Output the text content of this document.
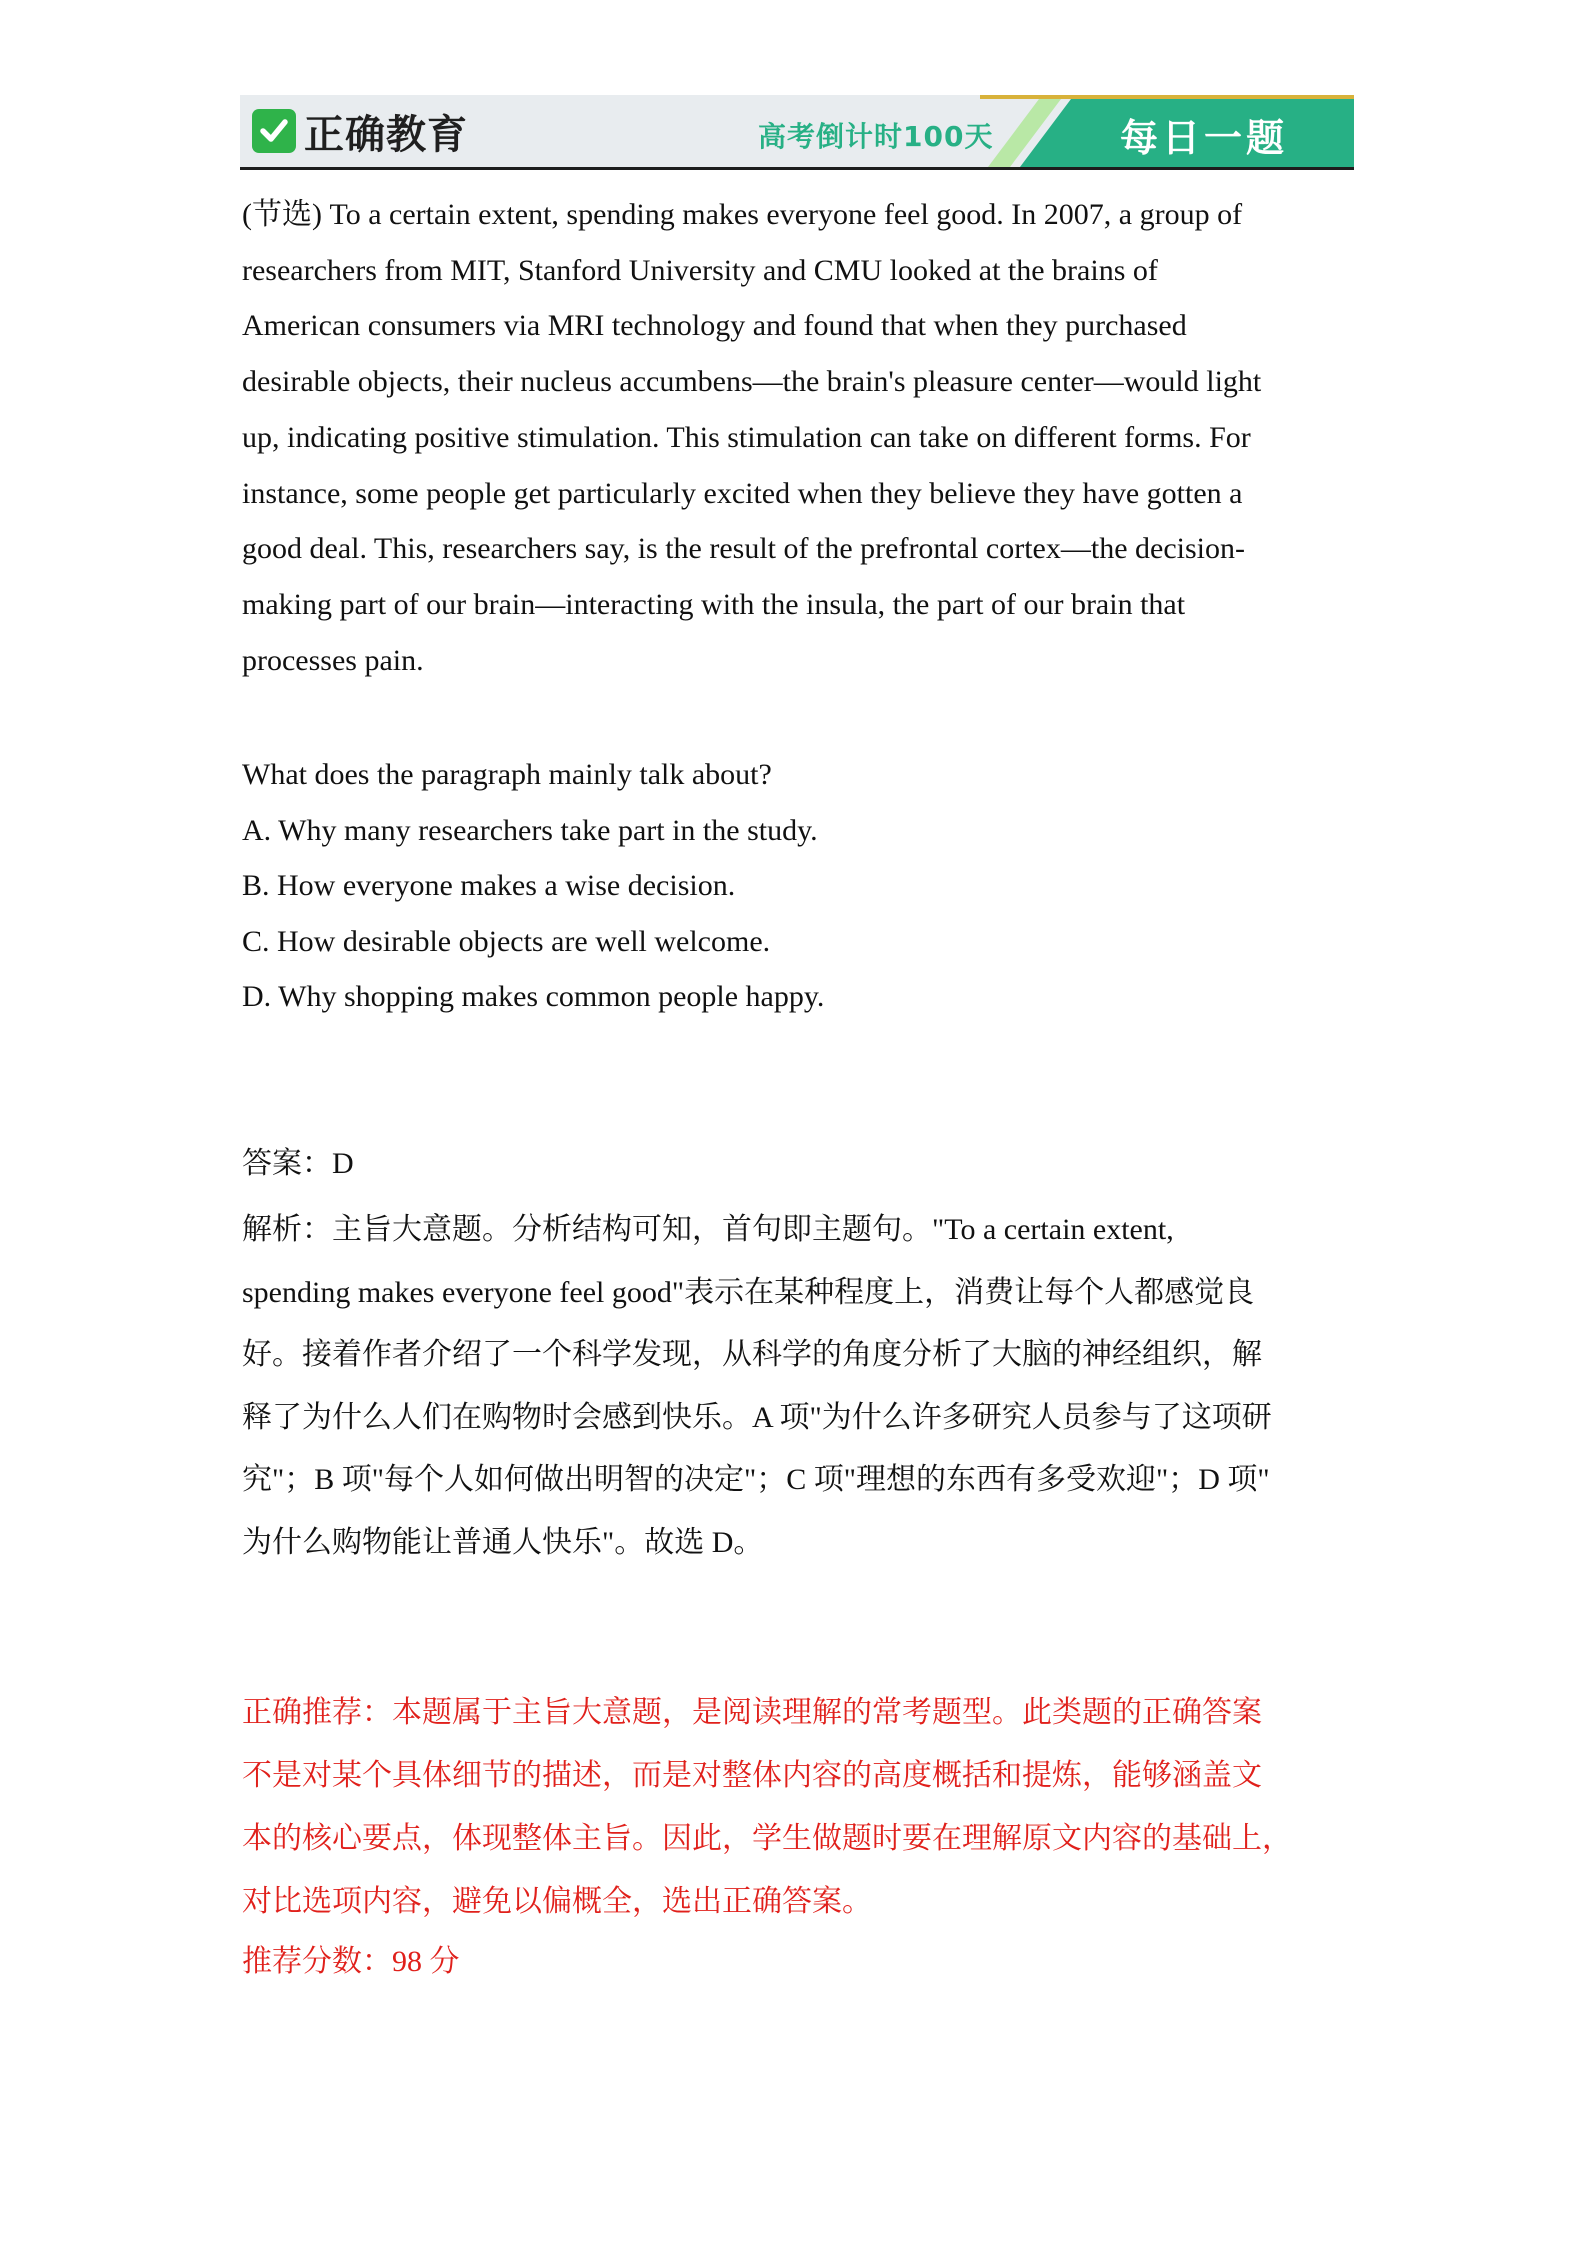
正确教育	高考倒计时100天	每日一题

(节选) To a certain extent, spending makes everyone feel good. In 2007, a group of
researchers from MIT, Stanford University and CMU looked at the brains of
American consumers via MRI technology and found that when they purchased
desirable objects, their nucleus accumbens—the brain's pleasure center—would light
up, indicating positive stimulation. This stimulation can take on different forms. For
instance, some people get particularly excited when they believe they have gotten a
good deal. This, researchers say, is the result of the prefrontal cortex—the decision-
making part of our brain—interacting with the insula, the part of our brain that
processes pain.

What does the paragraph mainly talk about?
A. Why many researchers take part in the study.
B. How everyone makes a wise decision.
C. How desirable objects are well welcome.
D. Why shopping makes common people happy.
答案：D

解析：主旨大意题。分析结构可知，首句即主题句。"To a certain extent,
spending makes everyone feel good"表示在某种程度上，消费让每个人都感觉良
好。接着作者介绍了一个科学发现，从科学的角度分析了大脑的神经组织，解
释了为什么人们在购物时会感到快乐。A 项"为什么许多研究人员参与了这项研
究"；B 项"每个人如何做出明智的决定"；C 项"理想的东西有多受欢迎"；D 项"
为什么购物能让普通人快乐"。故选 D。

正确推荐：本题属于主旨大意题，是阅读理解的常考题型。此类题的正确答案
不是对某个具体细节的描述，而是对整体内容的高度概括和提炼，能够涵盖文
本的核心要点，体现整体主旨。因此，学生做题时要在理解原文内容的基础上，
对比选项内容，避免以偏概全，选出正确答案。

推荐分数：98 分
